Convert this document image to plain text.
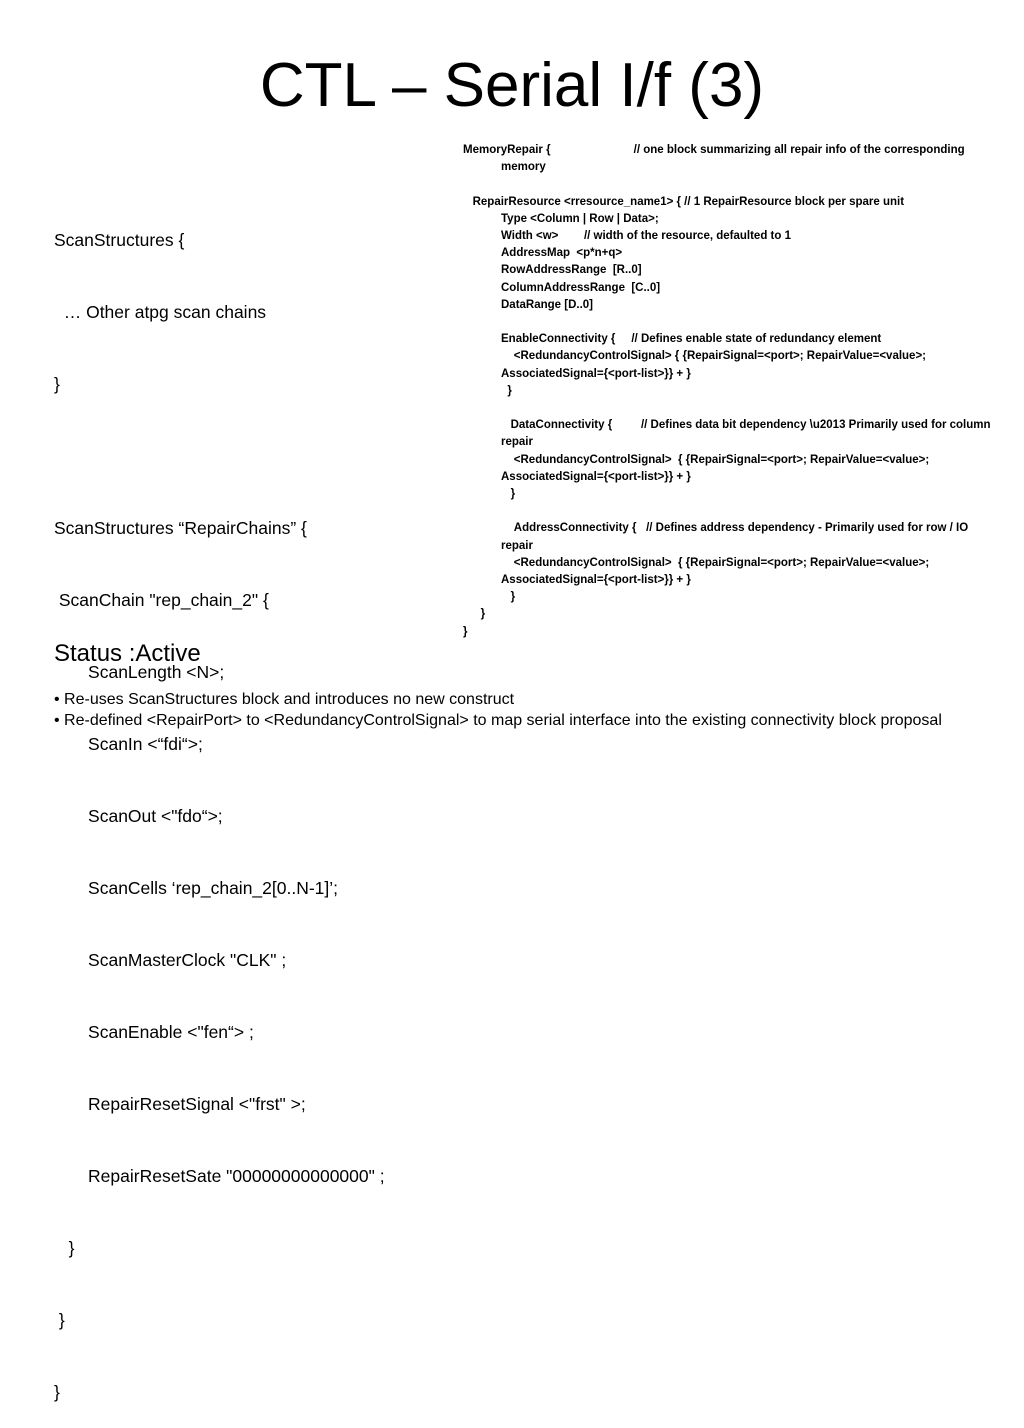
CTL – Serial I/f (3)

ScanStructures {

… Other atpg scan chains

}

ScanStructures “RepairChains” {

ScanChain "rep_chain_2" {

ScanLength <N>;

ScanIn <“fdi“>;

ScanOut <"fdo“>;

ScanCells ‘rep_chain_2[0..N-1]’;

ScanMasterClock "CLK" ;

ScanEnable <"fen“> ;

RepairResetSignal <"frst" >;

RepairResetSate "00000000000000" ;

}

}

}

MemoryRepair {                          // one block summarizing all repair info of the corresponding memory

RepairResource <rresource_name1> { // 1 RepairResource block per spare unit
Type <Column | Row | Data>;
Width <w>        // width of the resource, defaulted to 1
AddressMap  <p*n+q>
RowAddressRange  [R..0]
ColumnAddressRange  [C..0]
DataRange [D..0]

EnableConnectivity {     // Defines enable state of redundancy element
<RedundancyControlSignal> { {RepairSignal=<port>; RepairValue=<value>; AssociatedSignal={<port-list>}} + }
}

DataConnectivity {         // Defines data bit dependency \u2013 Primarily used for column repair
<RedundancyControlSignal>  { {RepairSignal=<port>; RepairValue=<value>; AssociatedSignal={<port-list>}} + }
}

AddressConnectivity {   // Defines address dependency - Primarily used for row / IO repair
<RedundancyControlSignal>  { {RepairSignal=<port>; RepairValue=<value>; AssociatedSignal={<port-list>}} + }
}
}
}
Status :Active
• Re-uses ScanStructures block and introduces no new construct
• Re-defined <RepairPort> to <RedundancyControlSignal> to map serial interface into the existing connectivity block proposal
